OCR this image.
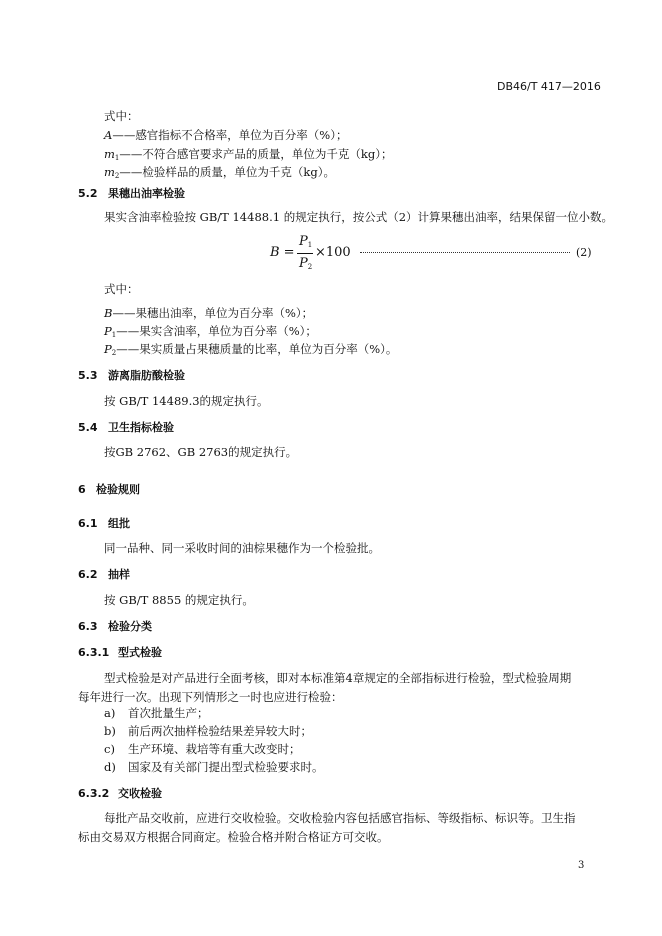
DB46/T 417—2016
式中：
A——感官指标不合格率，单位为百分率（%）；
$m_1——$不符合感官要求产品的质量，单位为千克（kg）；
$m_2——$检验样品的质量，单位为千克（kg）。
5.2 果穗出油率检验
果实含油率检验按 GB/T 14488.1 的规定执行，按公式（2）计算果穗出油率，结果保留一位小数。
B =
$P_1$
$P_2$
×100	(2)
式中：
B——果穗出油率，单位为百分率（%）；
$P_1——$果实含油率，单位为百分率（%）；
$P_2——$果实质量占果穗质量的比率，单位为百分率（%）。
5.3 游离脂肪酸检验
按 GB/T 14489.3的规定执行。
5.4 卫生指标检验
按GB 2762、GB 2763的规定执行。
6 检验规则
6.1 组批
同一品种、同一采收时间的油棕果穗作为一个检验批。
6.2 抽样
按 GB/T 8855 的规定执行。
6.3 检验分类
6.3.1 型式检验
型式检验是对产品进行全面考核，即对本标准第4章规定的全部指标进行检验，型式检验周期每年进行一次。出现下列情形之一时也应进行检验：
a) 首次批量生产；
b) 前后两次抽样检验结果差异较大时；
c) 生产环境、栽培等有重大改变时；
d) 国家及有关部门提出型式检验要求时。
6.3.2 交收检验
每批产品交收前，应进行交收检验。交收检验内容包括感官指标、等级指标、标识等。卫生指标由交易双方根据合同商定。检验合格并附合格证方可交收。
3
